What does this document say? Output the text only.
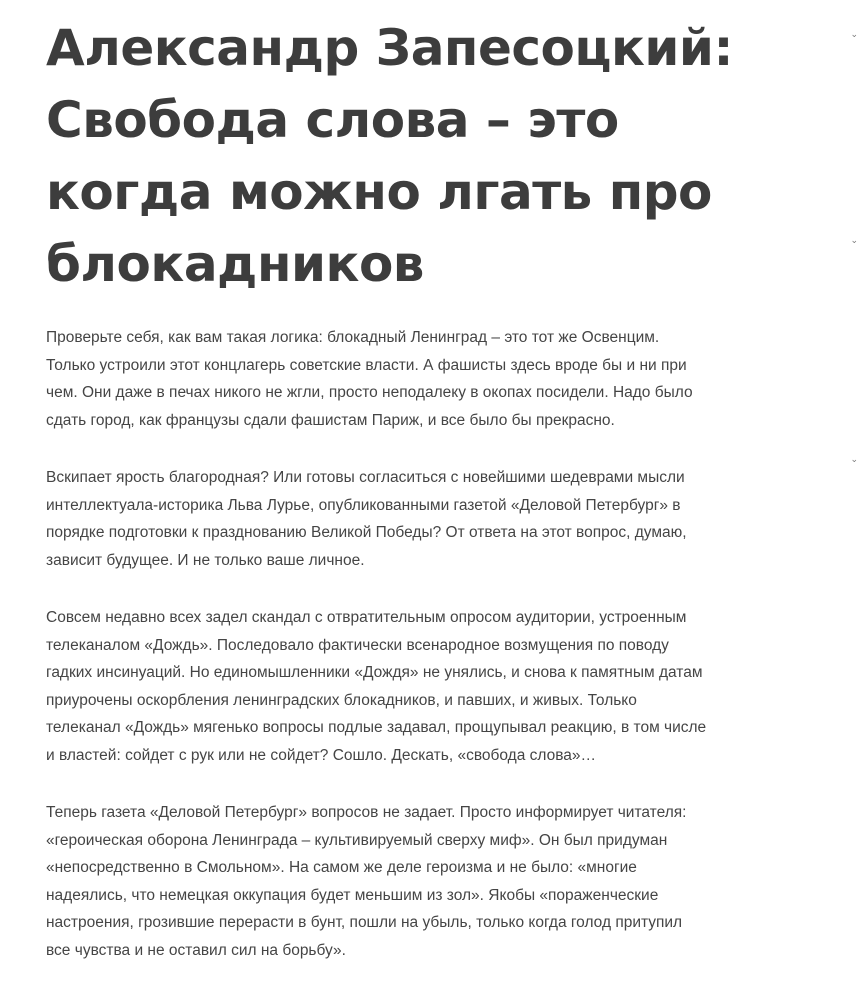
Александр Запесоцкий:
Свобода слова – это
когда можно лгать про
блокадников

Проверьте себя, как вам такая логика: блокадный Ленинград – это тот же Освенцим.
Только устроили этот концлагерь советские власти. А фашисты здесь вроде бы и ни при
чем. Они даже в печах никого не жгли, просто неподалеку в окопах посидели. Надо было
сдать город, как французы сдали фашистам Париж, и все было бы прекрасно.

Вскипает ярость благородная? Или готовы согласиться с новейшими шедеврами мысли
интеллектуала-историка Льва Лурье, опубликованными газетой «Деловой Петербург» в
порядке подготовки к празднованию Великой Победы? От ответа на этот вопрос, думаю,
зависит будущее. И не только ваше личное.

Совсем недавно всех задел скандал с отвратительным опросом аудитории, устроенным
телеканалом «Дождь». Последовало фактически всенародное возмущения по поводу
гадких инсинуаций. Но единомышленники «Дождя» не унялись, и снова к памятным датам
приурочены оскорбления ленинградских блокадников, и павших, и живых. Только
телеканал «Дождь» мягенько вопросы подлые задавал, прощупывал реакцию, в том числе
и властей: сойдет с рук или не сойдет? Сошло. Дескать, «свобода слова»…

Теперь газета «Деловой Петербург» вопросов не задает. Просто информирует читателя:
«героическая оборона Ленинграда – культивируемый сверху миф». Он был придуман
«непосредственно в Смольном». На самом же деле героизма и не было: «многие
надеялись, что немецкая оккупация будет меньшим из зол». Якобы «пораженческие
настроения, грозившие перерасти в бунт, пошли на убыль, только когда голод притупил
все чувства и не оставил сил на борьбу».

⌄
⌄
⌄
